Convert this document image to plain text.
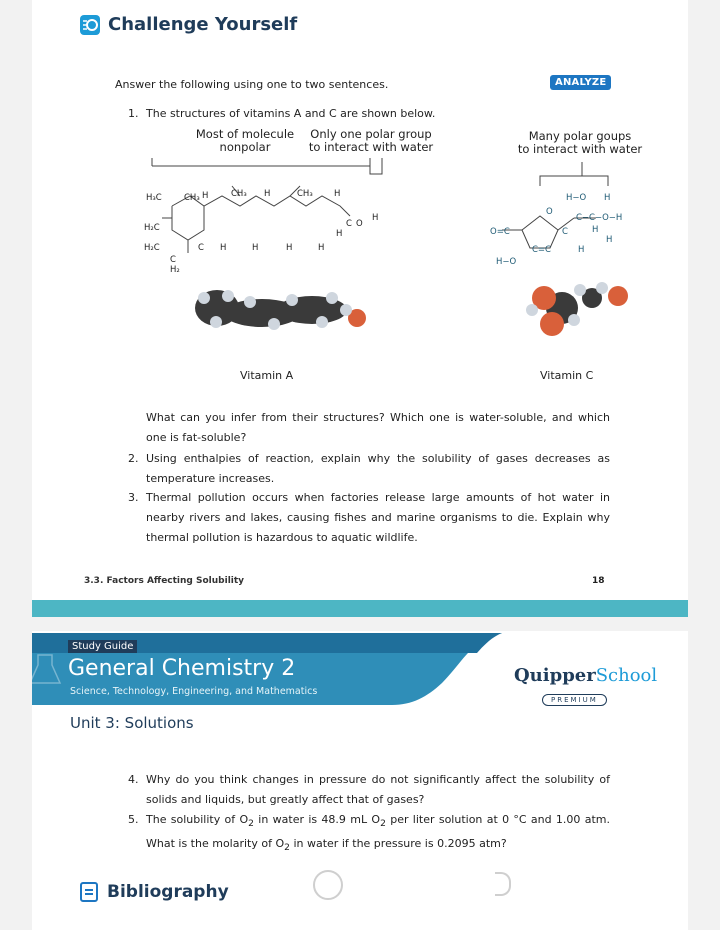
Challenge Yourself
Answer the following using one to two sentences.	ANALYZE
1. The structures of vitamins A and C are shown below.
Most of molecule
nonpolar
Only one polar group
to interact with water
Many polar goups
to interact with water
H₃C	CH₃ H	CH₃ H	CH₃	H
H₂C
H₂C	C H	H	H	H
C
H₂
C O
H
H
H−O H
O
C−C−O−H
O=C	C	H
H
C=C	H
H−O
Vitamin A	Vitamin C
What can you infer from their structures? Which one is water-soluble, and which one is fat-soluble?
2. Using enthalpies of reaction, explain why the solubility of gases decreases as temperature increases.
3. Thermal pollution occurs when factories release large amounts of hot water in nearby rivers and lakes, causing fishes and marine organisms to die. Explain why thermal pollution is hazardous to aquatic wildlife.
3.3. Factors Affecting Solubility	18
Study Guide
General Chemistry 2
Science, Technology, Engineering, and Mathematics
QuipperSchool
PREMIUM
Unit 3: Solutions
4. Why do you think changes in pressure do not significantly affect the solubility of solids and liquids, but greatly affect that of gases?
5. The solubility of $O_2$ in water is 48.9 mL $O_2$ per liter solution at 0 °C and 1.00 atm. What is the molarity of $O_2$ in water if the pressure is 0.2095 atm?
Bibliography
